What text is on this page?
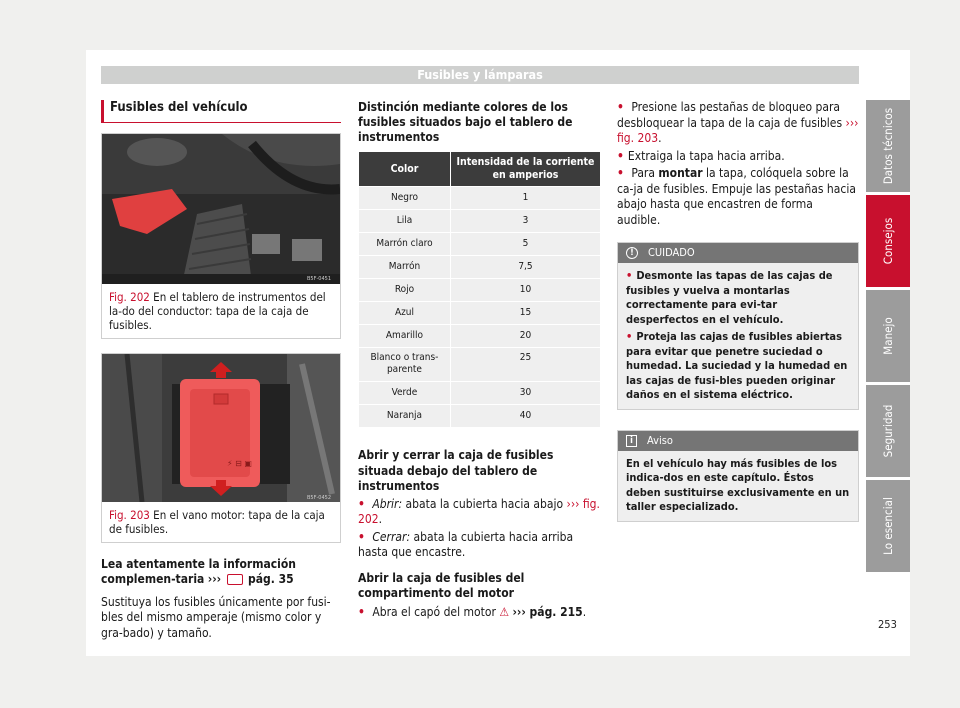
Fusibles y lámparas
Fusibles del vehículo
B5F-0451
Fig. 202 En el tablero de instrumentos del la-do del conductor: tapa de la caja de fusibles.
⚡ ⊟ ▣
B5F-0452
Fig. 203 En el vano motor: tapa de la caja de fusibles.

Lea atentamente la información complemen-taria ››› pág. 35

Sustituya los fusibles únicamente por fusi-bles del mismo amperaje (mismo color y gra-bado) y tamaño.

Distinción mediante colores de los fusibles situados bajo el tablero de instrumentos
Color	Intensidad de la corriente en amperios
Negro	1
Lila	3
Marrón claro	5
Marrón	7,5
Rojo	10
Azul	15
Amarillo	20
Blanco o trans-parente	25
Verde	30
Naranja	40
Abrir y cerrar la caja de fusibles situada debajo del tablero de instrumentos

• Abrir: abata la cubierta hacia abajo ››› fig. 202.

• Cerrar: abata la cubierta hacia arriba hasta que encastre.

Abrir la caja de fusibles del compartimento del motor

• Abra el capó del motor ⚠ ››› pág. 215.

• Presione las pestañas de bloqueo para desbloquear la tapa de la caja de fusibles ››› fig. 203.

• Extraiga la tapa hacia arriba.

• Para montar la tapa, colóquela sobre la ca-ja de fusibles. Empuje las pestañas hacia abajo hasta que encastren de forma audible.

!	CUIDADO

• Desmonte las tapas de las cajas de fusibles y vuelva a montarlas correctamente para evi-tar desperfectos en el vehículo.

• Proteja las cajas de fusibles abiertas para evitar que penetre suciedad o humedad. La suciedad y la humedad en las cajas de fusi-bles pueden originar daños en el sistema eléctrico.

i	Aviso
En el vehículo hay más fusibles de los indica-dos en este capítulo. Éstos deben sustituirse exclusivamente en un taller especializado.
Datos técnicos
Consejos
Manejo
Seguridad
Lo esencial
253
